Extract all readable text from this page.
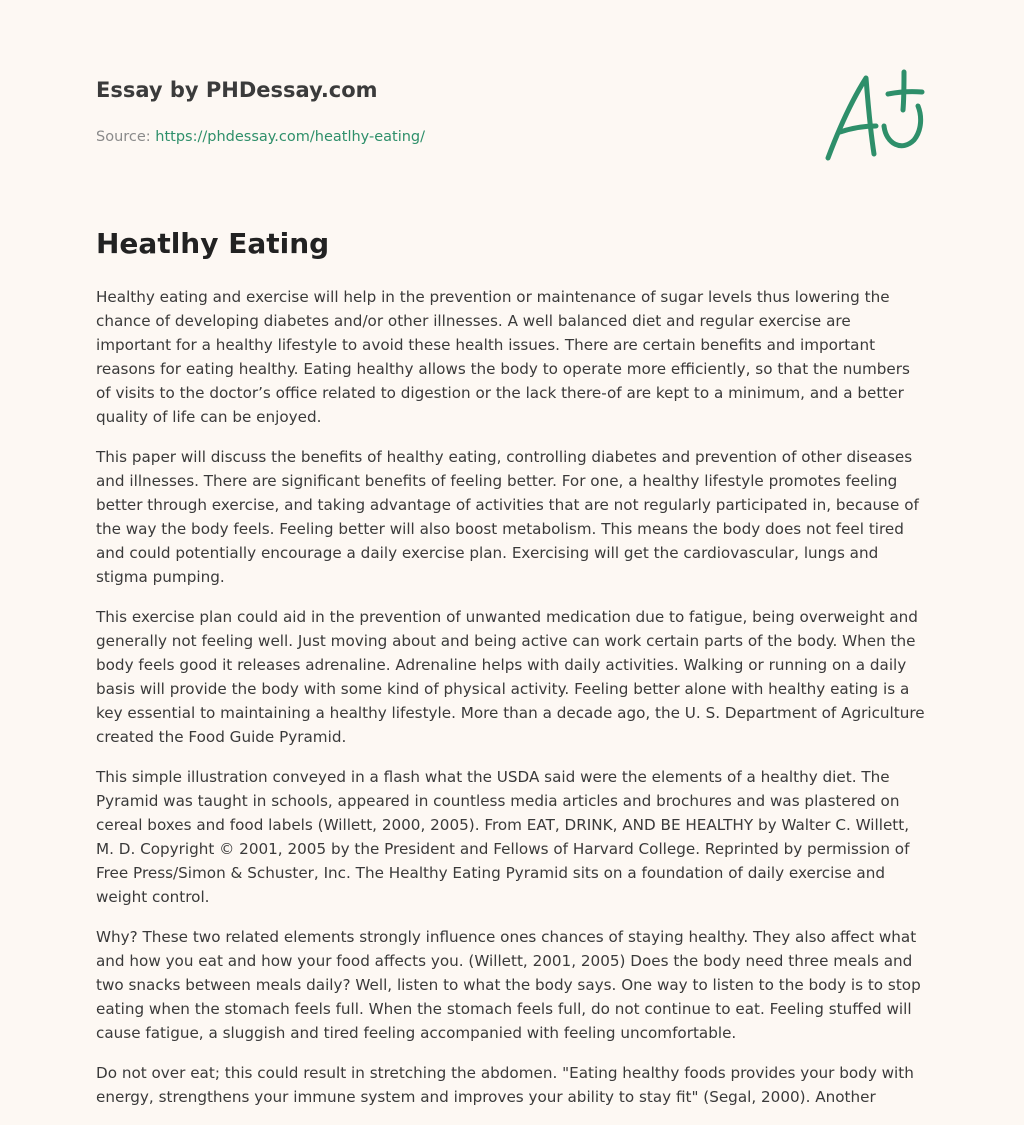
Essay by PHDessay.com
Source: https://phdessay.com/heatlhy-eating/
Heatlhy Eating

Healthy eating and exercise will help in the prevention or maintenance of sugar levels thus lowering the chance of developing diabetes and/or other illnesses. A well balanced diet and regular exercise are important for a healthy lifestyle to avoid these health issues. There are certain benefits and important reasons for eating healthy. Eating healthy allows the body to operate more efficiently, so that the numbers of visits to the doctor’s office related to digestion or the lack there-of are kept to a minimum, and a better quality of life can be enjoyed.

This paper will discuss the benefits of healthy eating, controlling diabetes and prevention of other diseases and illnesses. There are significant benefits of feeling better. For one, a healthy lifestyle promotes feeling better through exercise, and taking advantage of activities that are not regularly participated in, because of the way the body feels. Feeling better will also boost metabolism. This means the body does not feel tired and could potentially encourage a daily exercise plan. Exercising will get the cardiovascular, lungs and stigma pumping.

This exercise plan could aid in the prevention of unwanted medication due to fatigue, being overweight and generally not feeling well. Just moving about and being active can work certain parts of the body. When the body feels good it releases adrenaline. Adrenaline helps with daily activities. Walking or running on a daily basis will provide the body with some kind of physical activity. Feeling better alone with healthy eating is a key essential to maintaining a healthy lifestyle. More than a decade ago, the U. S. Department of Agriculture created the Food Guide Pyramid.

This simple illustration conveyed in a flash what the USDA said were the elements of a healthy diet. The Pyramid was taught in schools, appeared in countless media articles and brochures and was plastered on cereal boxes and food labels (Willett, 2000, 2005). From EAT, DRINK, AND BE HEALTHY by Walter C. Willett, M. D. Copyright © 2001, 2005 by the President and Fellows of Harvard College. Reprinted by permission of Free Press/Simon & Schuster, Inc. The Healthy Eating Pyramid sits on a foundation of daily exercise and weight control.

Why? These two related elements strongly influence ones chances of staying healthy. They also affect what and how you eat and how your food affects you. (Willett, 2001, 2005) Does the body need three meals and two snacks between meals daily? Well, listen to what the body says. One way to listen to the body is to stop eating when the stomach feels full. When the stomach feels full, do not continue to eat. Feeling stuffed will cause fatigue, a sluggish and tired feeling accompanied with feeling uncomfortable.

Do not over eat; this could result in stretching the abdomen. "Eating healthy foods provides your body with energy, strengthens your immune system and improves your ability to stay fit" (Segal, 2000). Another
